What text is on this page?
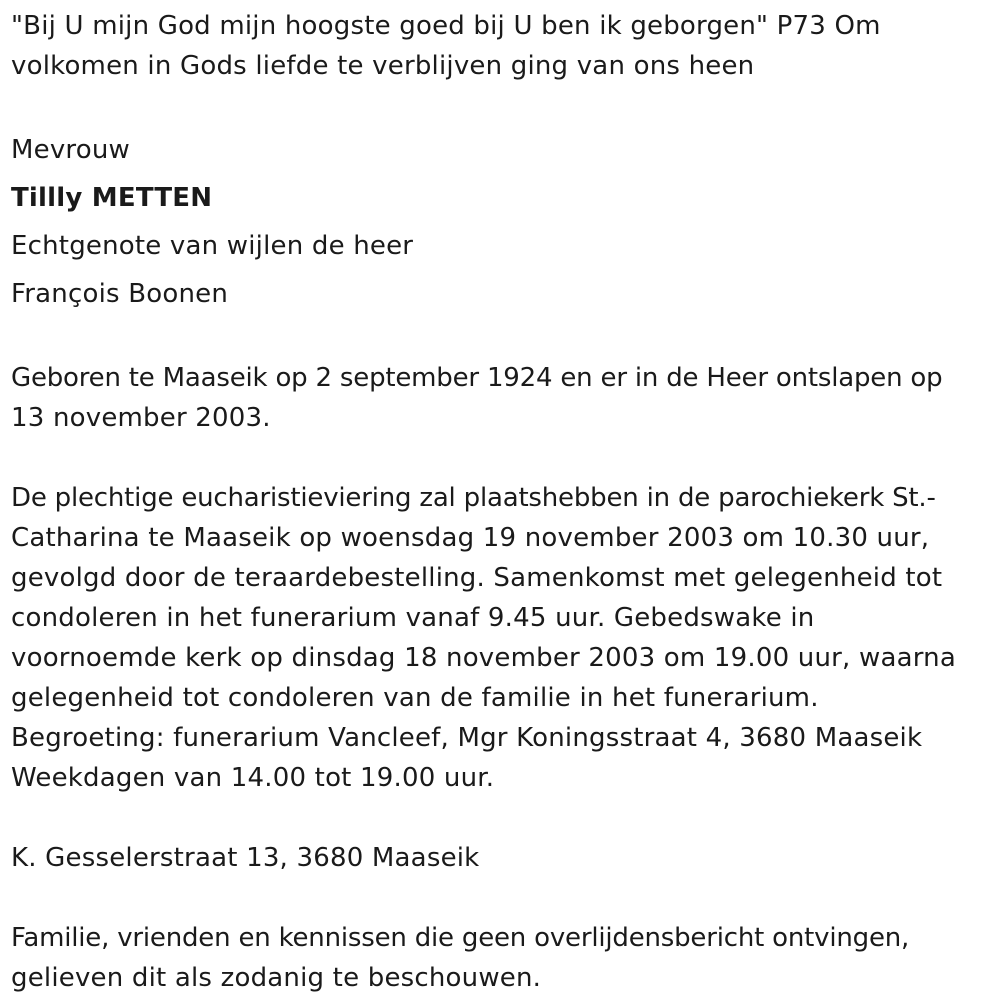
"Bij U mijn God mijn hoogste goed bij U ben ik geborgen" P73 Om
volkomen in Gods liefde te verblijven ging van ons heen
Mevrouw
Tillly METTEN
Echtgenote van wijlen de heer
François Boonen
Geboren te Maaseik op 2 september 1924 en er in de Heer ontslapen op
13 november 2003.
De plechtige eucharistieviering zal plaatshebben in de parochiekerk St.-
Catharina te Maaseik op woensdag 19 november 2003 om 10.30 uur,
gevolgd door de teraardebestelling. Samenkomst met gelegenheid tot
condoleren in het funerarium vanaf 9.45 uur. Gebedswake in
voornoemde kerk op dinsdag 18 november 2003 om 19.00 uur, waarna
gelegenheid tot condoleren van de familie in het funerarium.
Begroeting: funerarium Vancleef, Mgr Koningsstraat 4, 3680 Maaseik
Weekdagen van 14.00 tot 19.00 uur.
K. Gesselerstraat 13, 3680 Maaseik
Familie, vrienden en kennissen die geen overlijdensbericht ontvingen,
gelieven dit als zodanig te beschouwen.
